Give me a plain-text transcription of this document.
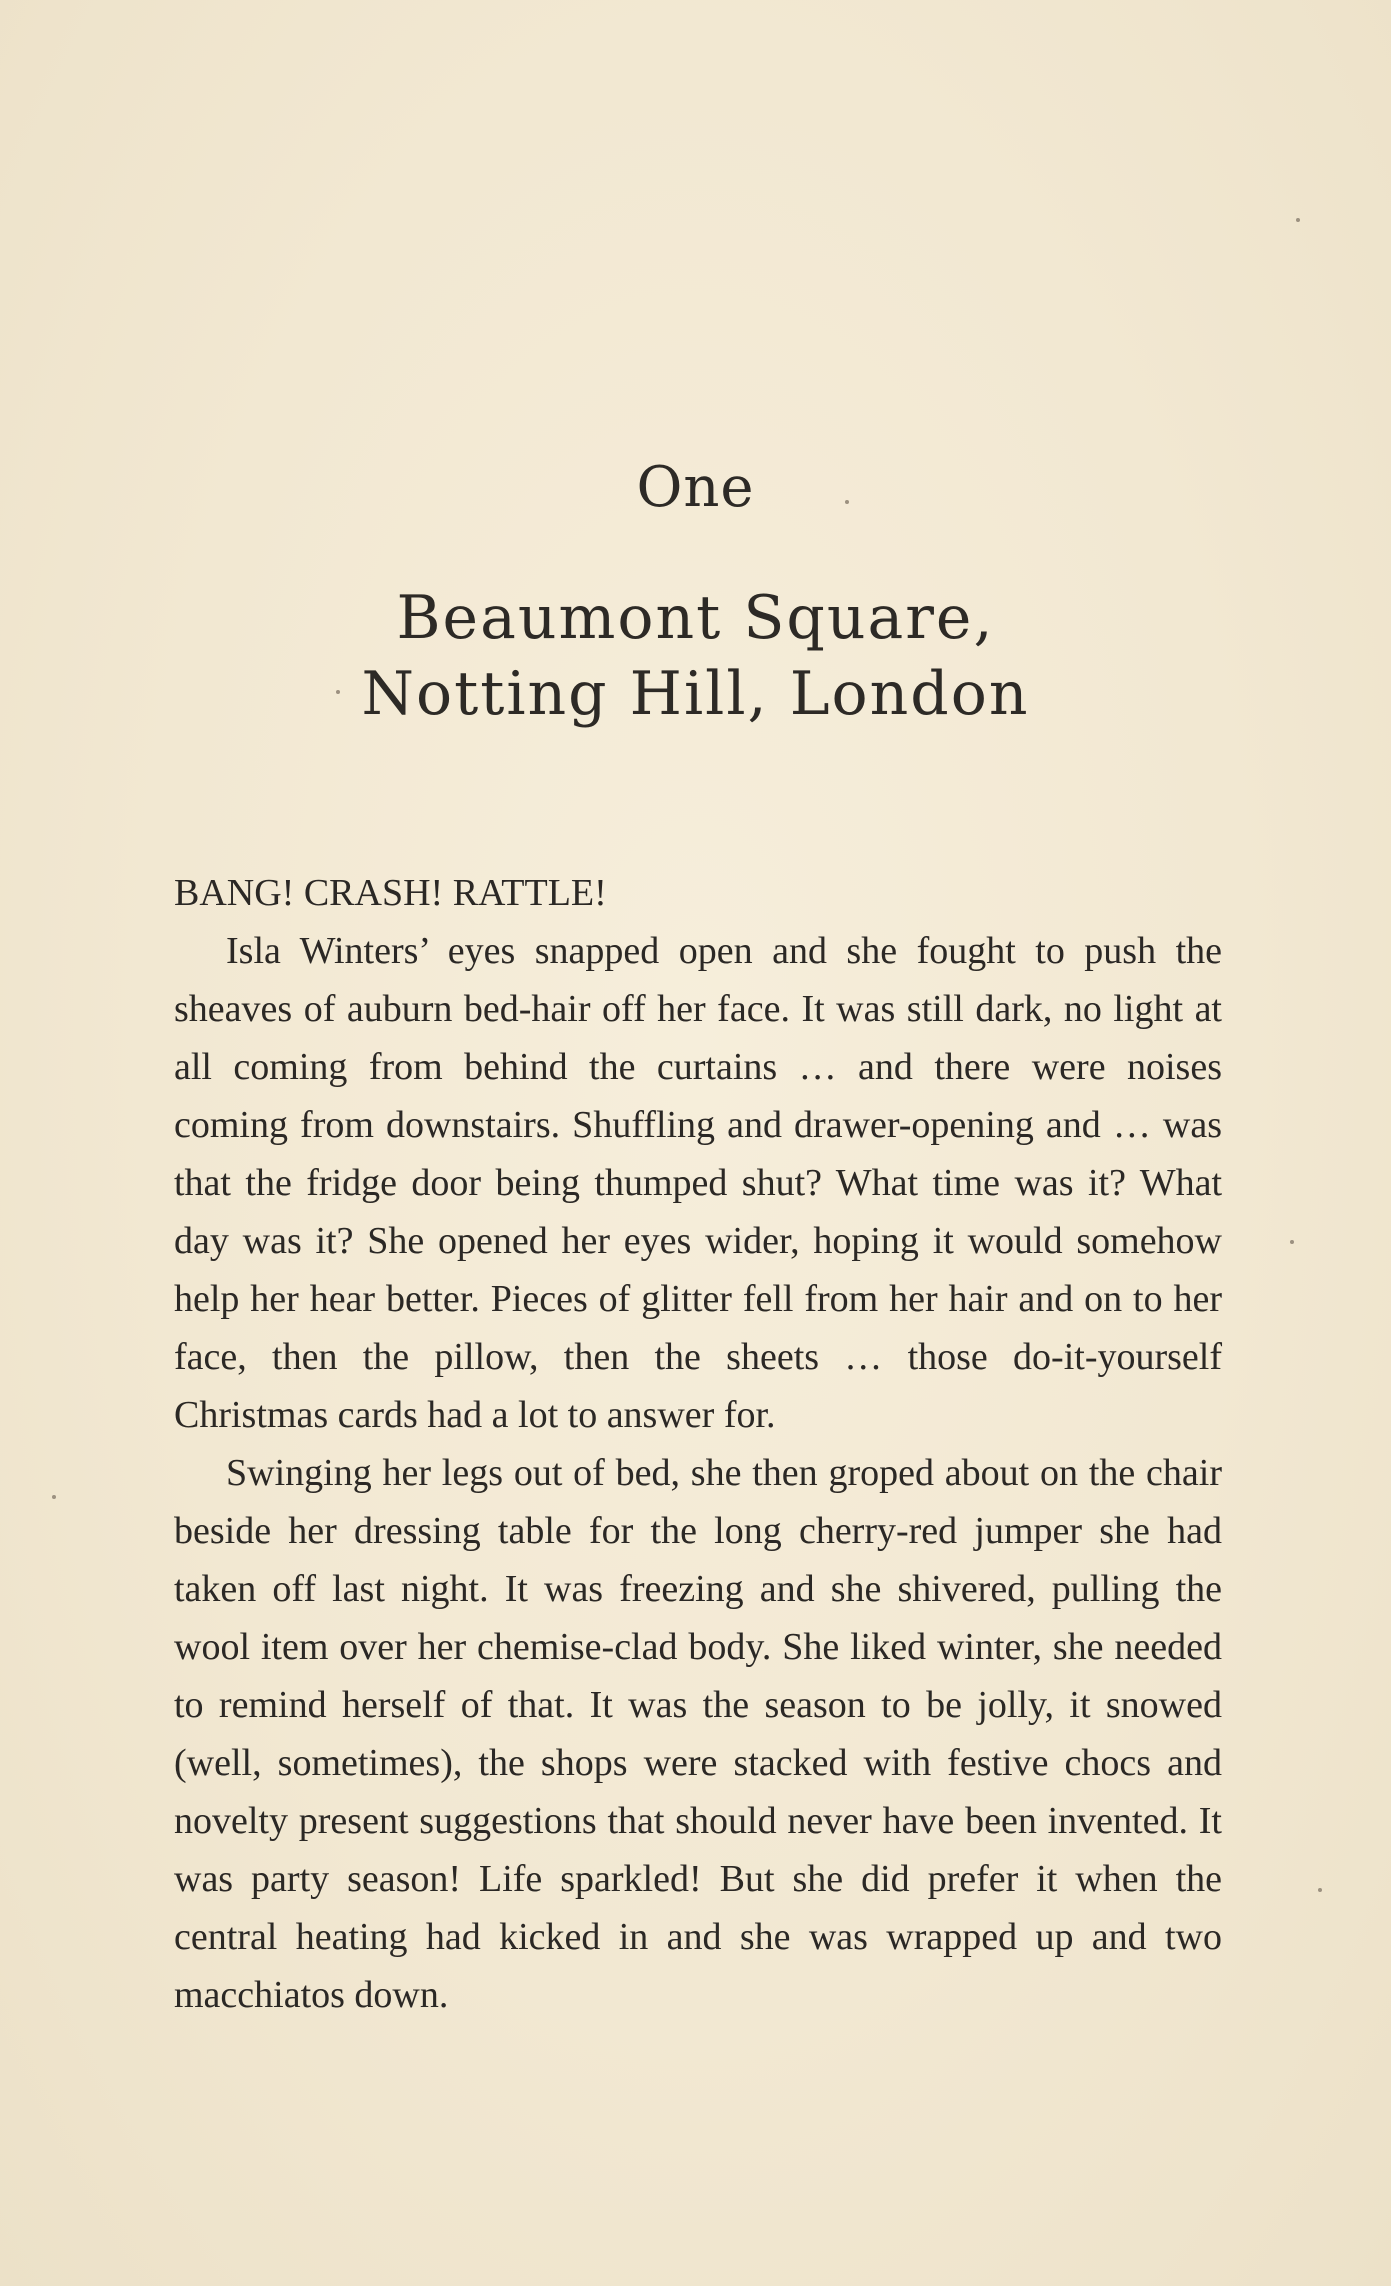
One
Beaumont Square,
Notting Hill, London

BANG! CRASH! RATTLE!

Isla Winters’ eyes snapped open and she fought to push the sheaves of auburn bed-hair off her face. It was still dark, no light at all coming from behind the curtains … and there were noises coming from downstairs. Shuffling and drawer-opening and … was that the fridge door being thumped shut? What time was it? What day was it? She opened her eyes wider, hoping it would somehow help her hear better. Pieces of glitter fell from her hair and on to her face, then the pillow, then the sheets … those do-it-yourself Christmas cards had a lot to answer for.

Swinging her legs out of bed, she then groped about on the chair beside her dressing table for the long cherry-red jumper she had taken off last night. It was freezing and she shivered, pulling the wool item over her chemise-clad body. She liked winter, she needed to remind herself of that. It was the season to be jolly, it snowed (well, sometimes), the shops were stacked with festive chocs and novelty present suggestions that should never have been invented. It was party season! Life sparkled! But she did prefer it when the central heating had kicked in and she was wrapped up and two macchiatos down.
